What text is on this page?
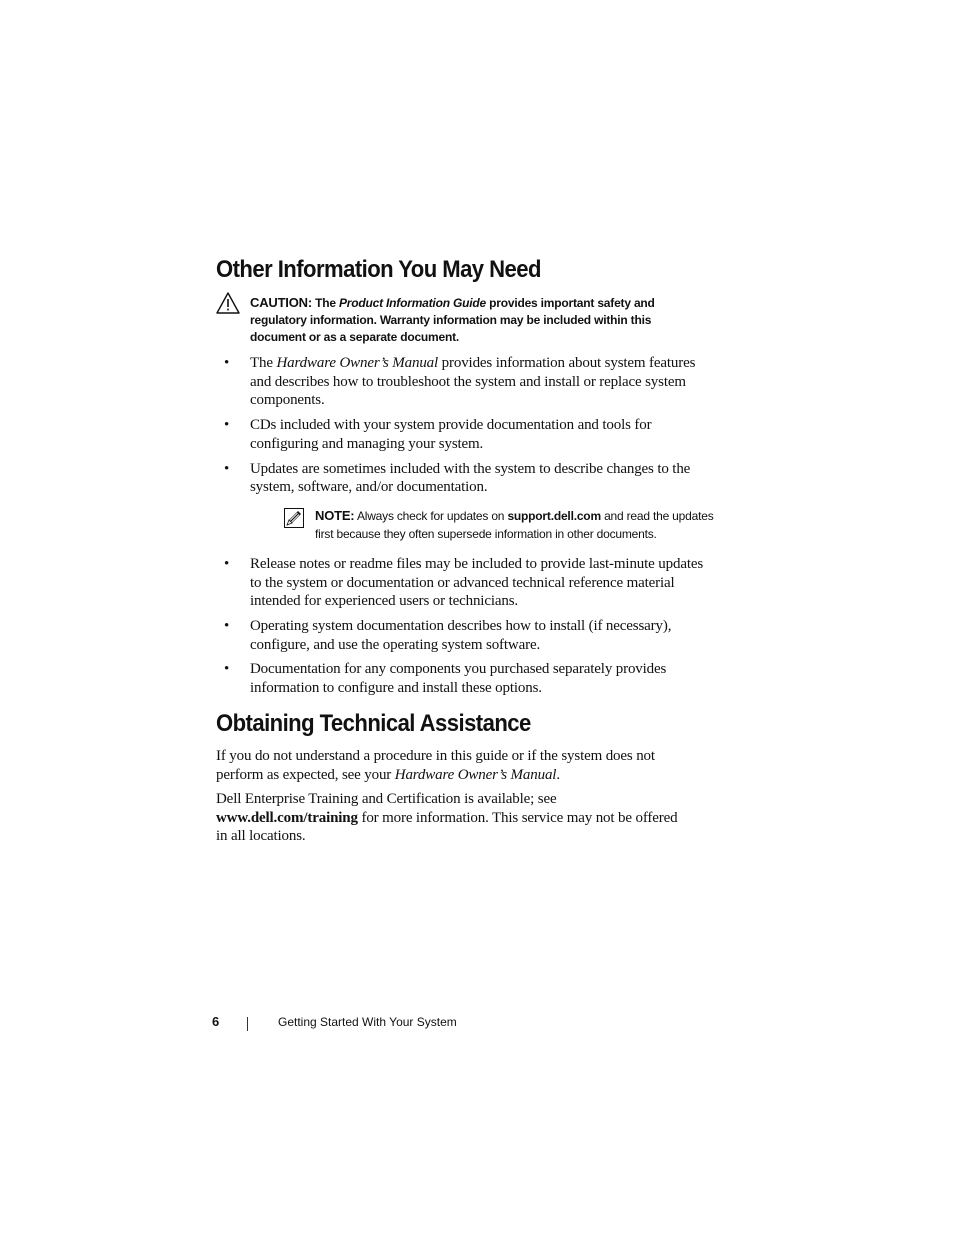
Other Information You May Need
CAUTION: The Product Information Guide provides important safety and regulatory information. Warranty information may be included within this document or as a separate document.
• The Hardware Owner’s Manual provides information about system features and describes how to troubleshoot the system and install or replace system components.
• CDs included with your system provide documentation and tools for configuring and managing your system.
• Updates are sometimes included with the system to describe changes to the system, software, and/or documentation.
NOTE: Always check for updates on support.dell.com and read the updates first because they often supersede information in other documents.
• Release notes or readme files may be included to provide last-minute updates to the system or documentation or advanced technical reference material intended for experienced users or technicians.
• Operating system documentation describes how to install (if necessary), configure, and use the operating system software.
• Documentation for any components you purchased separately provides information to configure and install these options.
Obtaining Technical Assistance

If you do not understand a procedure in this guide or if the system does not perform as expected, see your Hardware Owner’s Manual.

Dell Enterprise Training and Certification is available; see www.dell.com/training for more information. This service may not be offered in all locations.

6	Getting Started With Your System
